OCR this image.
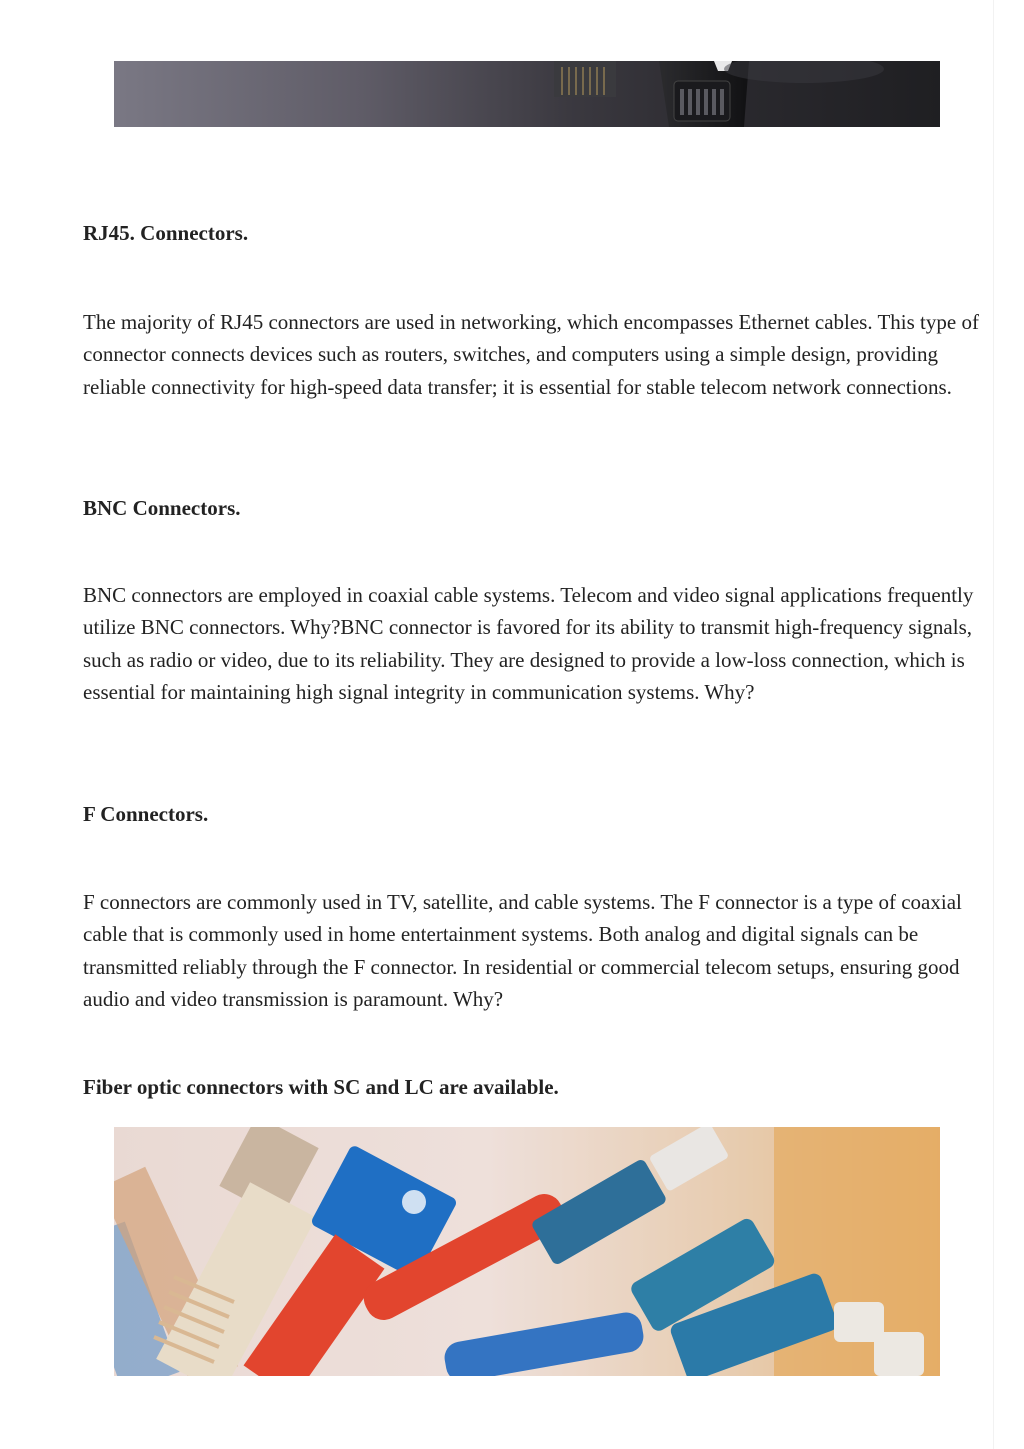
RJ45. Connectors.

The majority of RJ45 connectors are used in networking, which encompasses Ethernet cables. This type of connector connects devices such as routers, switches, and computers using a simple design, providing reliable connectivity for high-speed data transfer; it is essential for stable telecom network connections.

BNC Connectors.

BNC connectors are employed in coaxial cable systems. Telecom and video signal applications frequently utilize BNC connectors. Why?BNC connector is favored for its ability to transmit high-frequency signals, such as radio or video, due to its reliability. They are designed to provide a low-loss connection, which is essential for maintaining high signal integrity in communication systems. Why?

F Connectors.

F connectors are commonly used in TV, satellite, and cable systems. The F connector is a type of coaxial cable that is commonly used in home entertainment systems. Both analog and digital signals can be transmitted reliably through the F connector. In residential or commercial telecom setups, ensuring good audio and video transmission is paramount. Why?

Fiber optic connectors with SC and LC are available.
